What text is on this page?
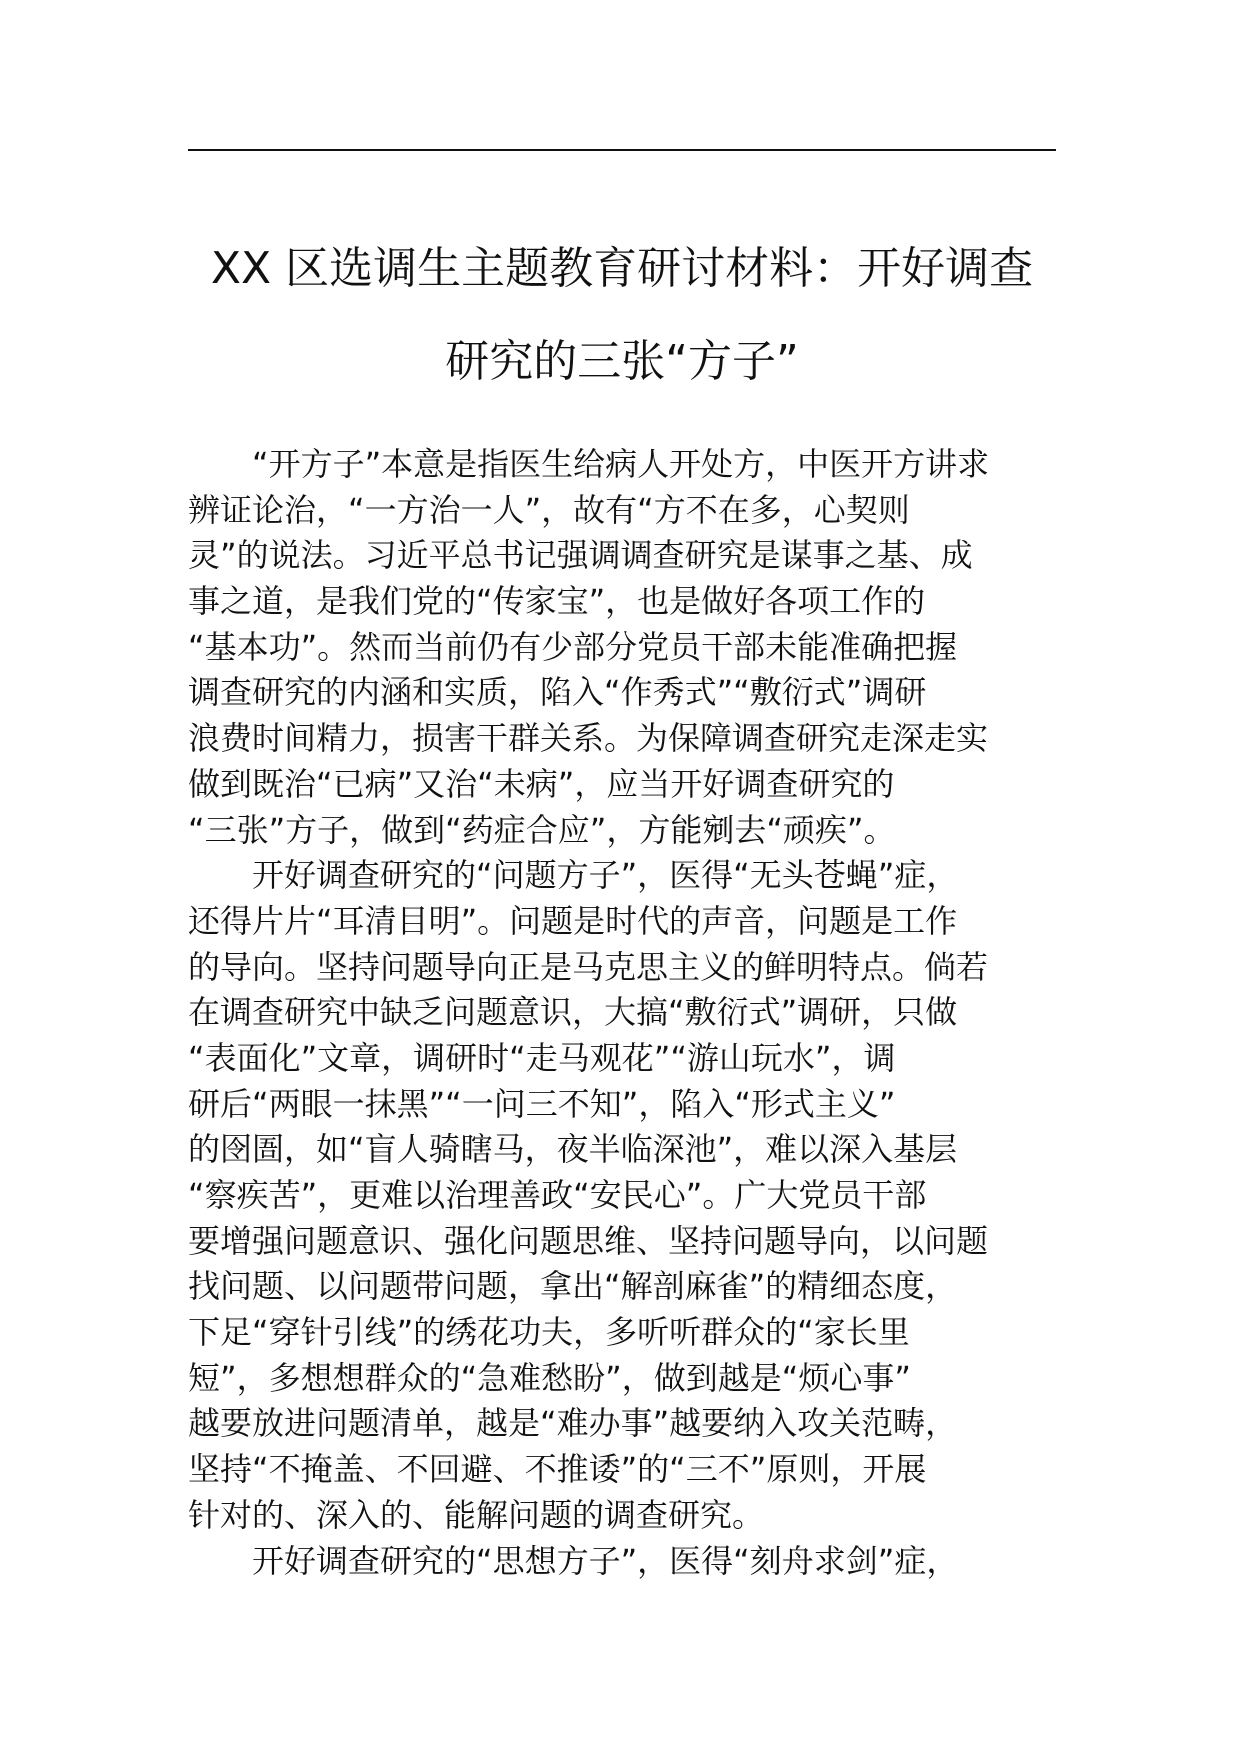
XX 区选调生主题教育研讨材料：开好调查
研究的三张“方子”
“开方子”本意是指医生给病人开处方，中医开方讲求
辨证论治，“一方治一人”，故有“方不在多，心契则
灵”的说法。习近平总书记强调调查研究是谋事之基、成
事之道，是我们党的“传家宝”，也是做好各项工作的
“基本功”。然而当前仍有少部分党员干部未能准确把握
调查研究的内涵和实质，陷入“作秀式”“敷衍式”调研
浪费时间精力，损害干群关系。为保障调查研究走深走实
做到既治“已病”又治“未病”，应当开好调查研究的
“三张”方子，做到“药症合应”，方能剜去“顽疾”。
开好调查研究的“问题方子”，医得“无头苍蝇”症，
还得片片“耳清目明”。问题是时代的声音，问题是工作
的导向。坚持问题导向正是马克思主义的鲜明特点。倘若
在调查研究中缺乏问题意识，大搞“敷衍式”调研，只做
“表面化”文章，调研时“走马观花”“游山玩水”，调
研后“两眼一抹黑”“一问三不知”，陷入“形式主义”
的囹圄，如“盲人骑瞎马，夜半临深池”，难以深入基层
“察疾苦”，更难以治理善政“安民心”。广大党员干部
要增强问题意识、强化问题思维、坚持问题导向，以问题
找问题、以问题带问题，拿出“解剖麻雀”的精细态度，
下足“穿针引线”的绣花功夫，多听听群众的“家长里
短”，多想想群众的“急难愁盼”，做到越是“烦心事”
越要放进问题清单，越是“难办事”越要纳入攻关范畴，
坚持“不掩盖、不回避、不推诿”的“三不”原则，开展
针对的、深入的、能解问题的调查研究。
开好调查研究的“思想方子”，医得“刻舟求剑”症，
